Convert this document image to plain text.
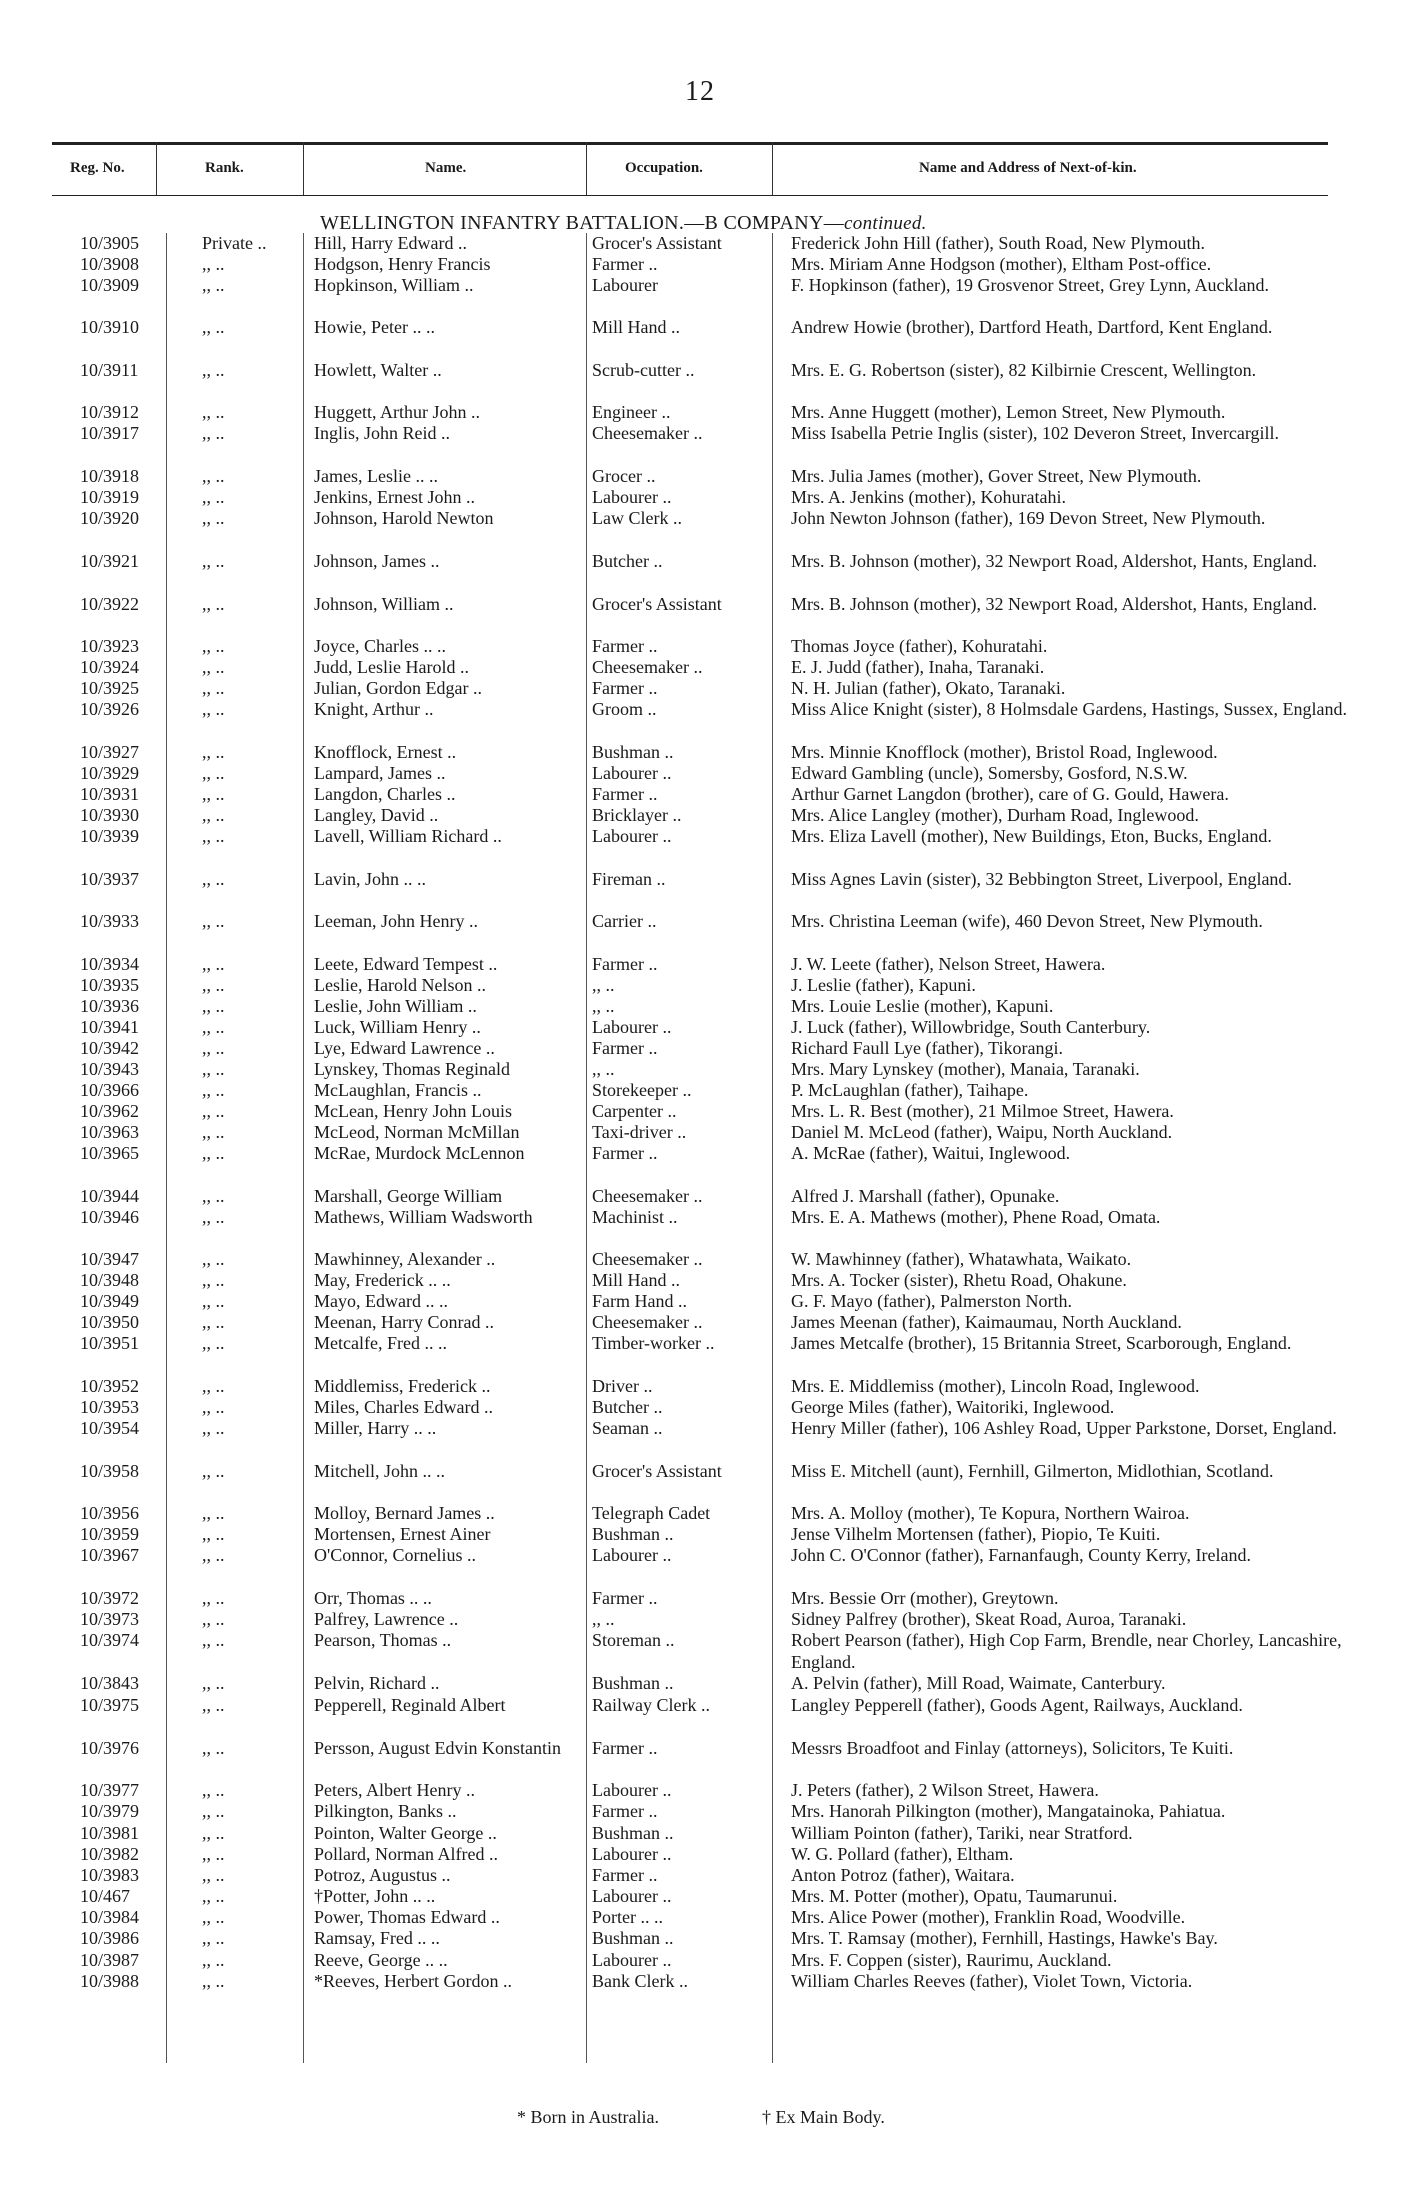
12
Reg. No.	Rank.	Name.	Occupation.	Name and Address of Next-of-kin.
WELLINGTON INFANTRY BATTALION.—B COMPANY—continued.
10/3905	Private ..	Hill, Harry Edward ..	Grocer's Assistant	Frederick John Hill (father), South Road, New Plymouth.
10/3908	,, ..	Hodgson, Henry Francis	Farmer ..	Mrs. Miriam Anne Hodgson (mother), Eltham Post-office.
10/3909	,, ..	Hopkinson, William ..	Labourer	F. Hopkinson (father), 19 Grosvenor Street, Grey Lynn, Auckland.
10/3910	,, ..	Howie, Peter .. ..	Mill Hand ..	Andrew Howie (brother), Dartford Heath, Dartford, Kent England.
10/3911	,, ..	Howlett, Walter ..	Scrub-cutter ..	Mrs. E. G. Robertson (sister), 82 Kilbirnie Crescent, Wellington.
10/3912	,, ..	Huggett, Arthur John ..	Engineer ..	Mrs. Anne Huggett (mother), Lemon Street, New Plymouth.
10/3917	,, ..	Inglis, John Reid ..	Cheesemaker ..	Miss Isabella Petrie Inglis (sister), 102 Deveron Street, Invercargill.
10/3918	,, ..	James, Leslie .. ..	Grocer ..	Mrs. Julia James (mother), Gover Street, New Plymouth.
10/3919	,, ..	Jenkins, Ernest John ..	Labourer ..	Mrs. A. Jenkins (mother), Kohuratahi.
10/3920	,, ..	Johnson, Harold Newton	Law Clerk ..	John Newton Johnson (father), 169 Devon Street, New Plymouth.
10/3921	,, ..	Johnson, James ..	Butcher ..	Mrs. B. Johnson (mother), 32 Newport Road, Aldershot, Hants, England.
10/3922	,, ..	Johnson, William ..	Grocer's Assistant	Mrs. B. Johnson (mother), 32 Newport Road, Aldershot, Hants, England.
10/3923	,, ..	Joyce, Charles .. ..	Farmer ..	Thomas Joyce (father), Kohuratahi.
10/3924	,, ..	Judd, Leslie Harold ..	Cheesemaker ..	E. J. Judd (father), Inaha, Taranaki.
10/3925	,, ..	Julian, Gordon Edgar ..	Farmer ..	N. H. Julian (father), Okato, Taranaki.
10/3926	,, ..	Knight, Arthur ..	Groom ..	Miss Alice Knight (sister), 8 Holmsdale Gardens, Hastings, Sussex, England.
10/3927	,, ..	Knofflock, Ernest ..	Bushman ..	Mrs. Minnie Knofflock (mother), Bristol Road, Inglewood.
10/3929	,, ..	Lampard, James ..	Labourer ..	Edward Gambling (uncle), Somersby, Gosford, N.S.W.
10/3931	,, ..	Langdon, Charles ..	Farmer ..	Arthur Garnet Langdon (brother), care of G. Gould, Hawera.
10/3930	,, ..	Langley, David ..	Bricklayer ..	Mrs. Alice Langley (mother), Durham Road, Inglewood.
10/3939	,, ..	Lavell, William Richard ..	Labourer ..	Mrs. Eliza Lavell (mother), New Buildings, Eton, Bucks, England.
10/3937	,, ..	Lavin, John .. ..	Fireman ..	Miss Agnes Lavin (sister), 32 Bebbington Street, Liverpool, England.
10/3933	,, ..	Leeman, John Henry ..	Carrier ..	Mrs. Christina Leeman (wife), 460 Devon Street, New Plymouth.
10/3934	,, ..	Leete, Edward Tempest ..	Farmer ..	J. W. Leete (father), Nelson Street, Hawera.
10/3935	,, ..	Leslie, Harold Nelson ..	,, ..	J. Leslie (father), Kapuni.
10/3936	,, ..	Leslie, John William ..	,, ..	Mrs. Louie Leslie (mother), Kapuni.
10/3941	,, ..	Luck, William Henry ..	Labourer ..	J. Luck (father), Willowbridge, South Canterbury.
10/3942	,, ..	Lye, Edward Lawrence ..	Farmer ..	Richard Faull Lye (father), Tikorangi.
10/3943	,, ..	Lynskey, Thomas Reginald	,, ..	Mrs. Mary Lynskey (mother), Manaia, Taranaki.
10/3966	,, ..	McLaughlan, Francis ..	Storekeeper ..	P. McLaughlan (father), Taihape.
10/3962	,, ..	McLean, Henry John Louis	Carpenter ..	Mrs. L. R. Best (mother), 21 Milmoe Street, Hawera.
10/3963	,, ..	McLeod, Norman McMillan	Taxi-driver ..	Daniel M. McLeod (father), Waipu, North Auckland.
10/3965	,, ..	McRae, Murdock McLennon	Farmer ..	A. McRae (father), Waitui, Inglewood.
10/3944	,, ..	Marshall, George William	Cheesemaker ..	Alfred J. Marshall (father), Opunake.
10/3946	,, ..	Mathews, William Wadsworth	Machinist ..	Mrs. E. A. Mathews (mother), Phene Road, Omata.
10/3947	,, ..	Mawhinney, Alexander ..	Cheesemaker ..	W. Mawhinney (father), Whatawhata, Waikato.
10/3948	,, ..	May, Frederick .. ..	Mill Hand ..	Mrs. A. Tocker (sister), Rhetu Road, Ohakune.
10/3949	,, ..	Mayo, Edward .. ..	Farm Hand ..	G. F. Mayo (father), Palmerston North.
10/3950	,, ..	Meenan, Harry Conrad ..	Cheesemaker ..	James Meenan (father), Kaimaumau, North Auckland.
10/3951	,, ..	Metcalfe, Fred .. ..	Timber-worker ..	James Metcalfe (brother), 15 Britannia Street, Scarborough, England.
10/3952	,, ..	Middlemiss, Frederick ..	Driver ..	Mrs. E. Middlemiss (mother), Lincoln Road, Inglewood.
10/3953	,, ..	Miles, Charles Edward ..	Butcher ..	George Miles (father), Waitoriki, Inglewood.
10/3954	,, ..	Miller, Harry .. ..	Seaman ..	Henry Miller (father), 106 Ashley Road, Upper Parkstone, Dorset, England.
10/3958	,, ..	Mitchell, John .. ..	Grocer's Assistant	Miss E. Mitchell (aunt), Fernhill, Gilmerton, Midlothian, Scotland.
10/3956	,, ..	Molloy, Bernard James ..	Telegraph Cadet	Mrs. A. Molloy (mother), Te Kopura, Northern Wairoa.
10/3959	,, ..	Mortensen, Ernest Ainer	Bushman ..	Jense Vilhelm Mortensen (father), Piopio, Te Kuiti.
10/3967	,, ..	O'Connor, Cornelius ..	Labourer ..	John C. O'Connor (father), Farnanfaugh, County Kerry, Ireland.
10/3972	,, ..	Orr, Thomas .. ..	Farmer ..	Mrs. Bessie Orr (mother), Greytown.
10/3973	,, ..	Palfrey, Lawrence ..	,, ..	Sidney Palfrey (brother), Skeat Road, Auroa, Taranaki.
10/3974	,, ..	Pearson, Thomas ..	Storeman ..	Robert Pearson (father), High Cop Farm, Brendle, near Chorley, Lancashire, England.
10/3843	,, ..	Pelvin, Richard ..	Bushman ..	A. Pelvin (father), Mill Road, Waimate, Canterbury.
10/3975	,, ..	Pepperell, Reginald Albert	Railway Clerk ..	Langley Pepperell (father), Goods Agent, Railways, Auckland.
10/3976	,, ..	Persson, August Edvin Konstantin	Farmer ..	Messrs Broadfoot and Finlay (attorneys), Solicitors, Te Kuiti.
10/3977	,, ..	Peters, Albert Henry ..	Labourer ..	J. Peters (father), 2 Wilson Street, Hawera.
10/3979	,, ..	Pilkington, Banks ..	Farmer ..	Mrs. Hanorah Pilkington (mother), Mangatainoka, Pahiatua.
10/3981	,, ..	Pointon, Walter George ..	Bushman ..	William Pointon (father), Tariki, near Stratford.
10/3982	,, ..	Pollard, Norman Alfred ..	Labourer ..	W. G. Pollard (father), Eltham.
10/3983	,, ..	Potroz, Augustus ..	Farmer ..	Anton Potroz (father), Waitara.
10/467	,, ..	†Potter, John .. ..	Labourer ..	Mrs. M. Potter (mother), Opatu, Taumarunui.
10/3984	,, ..	Power, Thomas Edward ..	Porter .. ..	Mrs. Alice Power (mother), Franklin Road, Woodville.
10/3986	,, ..	Ramsay, Fred .. ..	Bushman ..	Mrs. T. Ramsay (mother), Fernhill, Hastings, Hawke's Bay.
10/3987	,, ..	Reeve, George .. ..	Labourer ..	Mrs. F. Coppen (sister), Raurimu, Auckland.
10/3988	,, ..	*Reeves, Herbert Gordon ..	Bank Clerk ..	William Charles Reeves (father), Violet Town, Victoria.
* Born in Australia.	† Ex Main Body.
